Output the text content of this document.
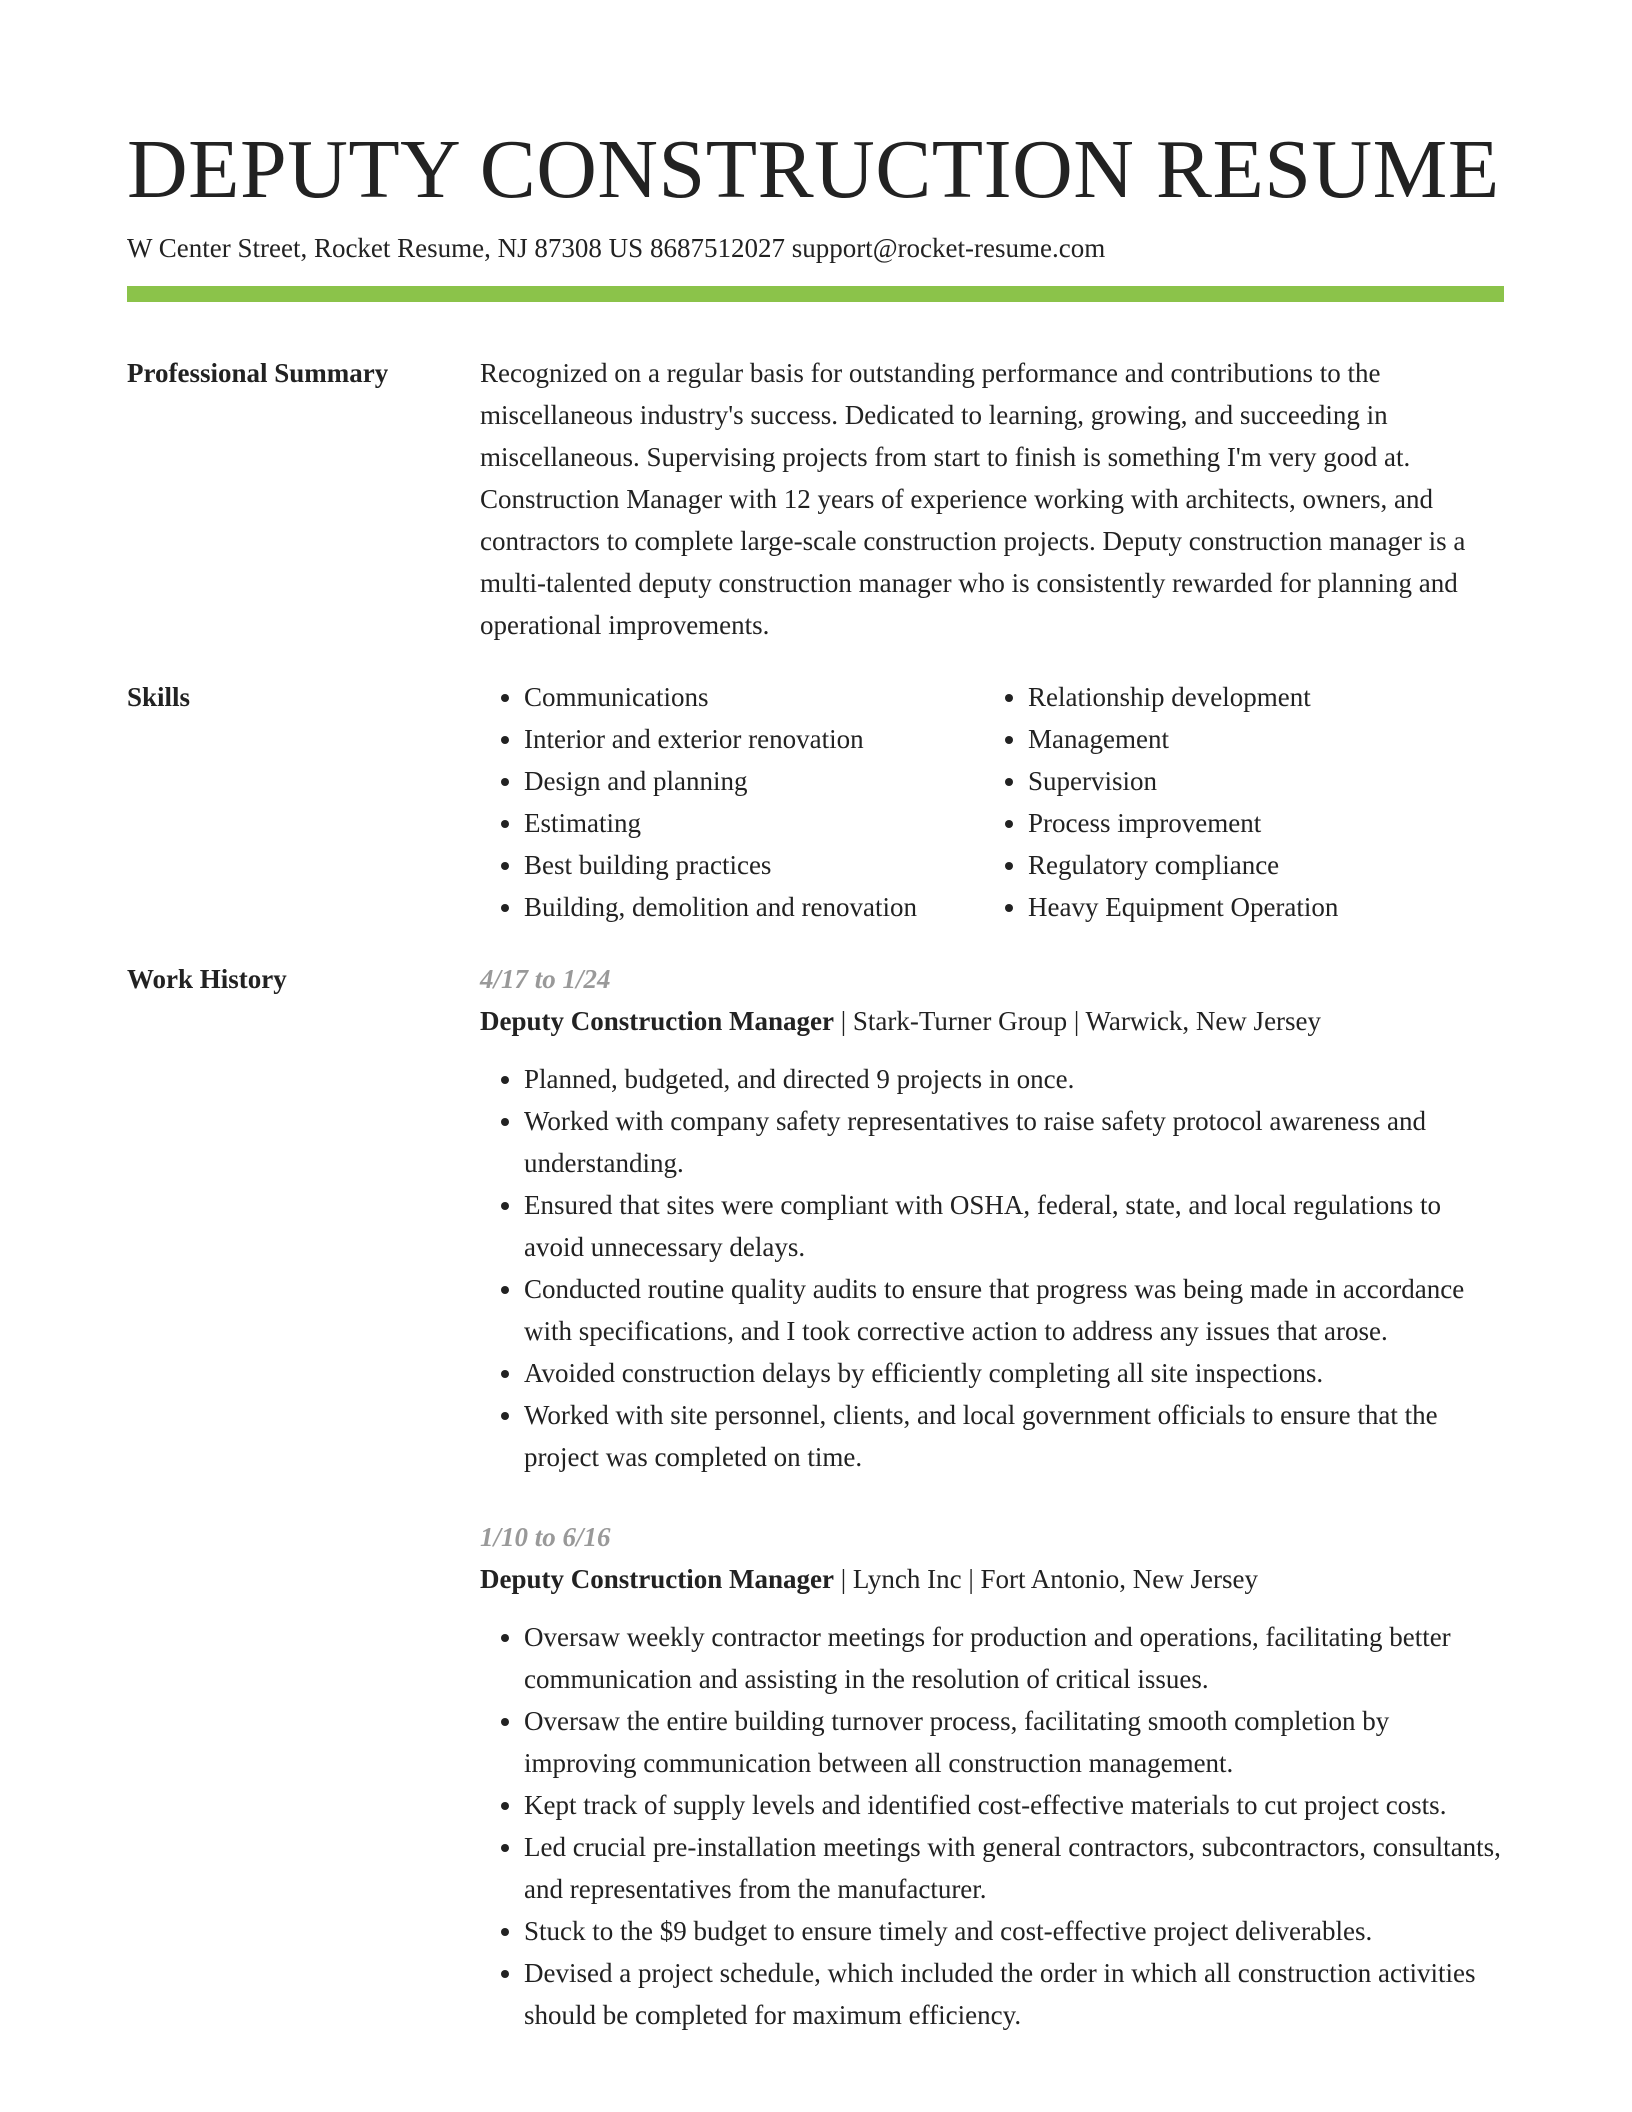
DEPUTY CONSTRUCTION RESUME
W Center Street, Rocket Resume, NJ 87308 US 8687512027 support@rocket-resume.com
Professional Summary	Recognized on a regular basis for outstanding performance and contributions to the miscellaneous industry's success. Dedicated to learning, growing, and succeeding in miscellaneous. Supervising projects from start to finish is something I'm very good at. Construction Manager with 12 years of experience working with architects, owners, and contractors to complete large-scale construction projects. Deputy construction manager is a multi-talented deputy construction manager who is consistently rewarded for planning and operational improvements.

Skills
•	Communications
• Interior and exterior renovation
• Design and planning
• Estimating
• Best building practices
• Building, demolition and renovation
• Relationship development
• Management
• Supervision
• Process improvement
• Regulatory compliance
• Heavy Equipment Operation
Work History	4/17 to 1/24
Deputy Construction Manager | Stark-Turner Group | Warwick, New Jersey
• Planned, budgeted, and directed 9 projects in once.
• Worked with company safety representatives to raise safety protocol awareness and understanding.
• Ensured that sites were compliant with OSHA, federal, state, and local regulations to avoid unnecessary delays.
• Conducted routine quality audits to ensure that progress was being made in accordance with specifications, and I took corrective action to address any issues that arose.
• Avoided construction delays by efficiently completing all site inspections.
• Worked with site personnel, clients, and local government officials to ensure that the project was completed on time.
1/10 to 6/16
Deputy Construction Manager | Lynch Inc | Fort Antonio, New Jersey
• Oversaw weekly contractor meetings for production and operations, facilitating better communication and assisting in the resolution of critical issues.
• Oversaw the entire building turnover process, facilitating smooth completion by improving communication between all construction management.
• Kept track of supply levels and identified cost-effective materials to cut project costs.
• Led crucial pre-installation meetings with general contractors, subcontractors, consultants, and representatives from the manufacturer.
• Stuck to the $9 budget to ensure timely and cost-effective project deliverables.
• Devised a project schedule, which included the order in which all construction activities should be completed for maximum efficiency.
